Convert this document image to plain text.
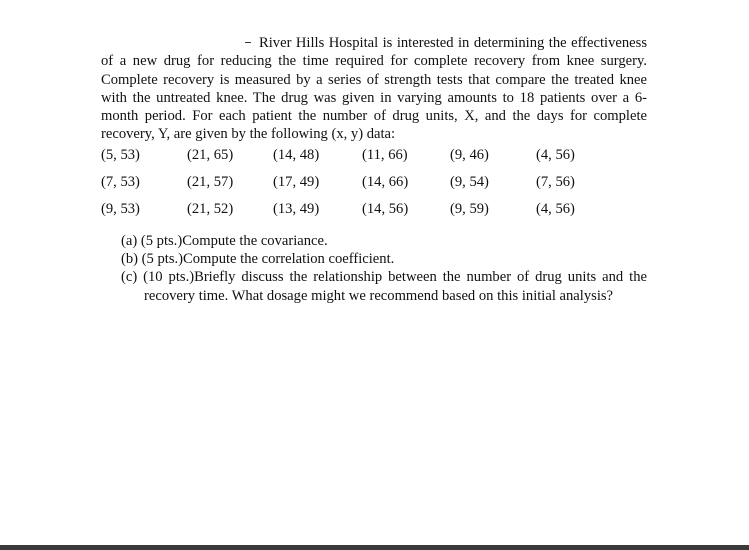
River Hills Hospital is interested in determining the effectiveness of a new drug for reducing the time required for complete recovery from knee surgery. Complete recovery is measured by a series of strength tests that compare the treated knee with the untreated knee. The drug was given in varying amounts to 18 patients over a 6-month period. For each patient the number of drug units, X, and the days for complete recovery, Y, are given by the following (x, y) data:

(5, 53)	(21, 65)	(14, 48)	(11, 66)	(9, 46)	(4, 56)
(7, 53)	(21, 57)	(17, 49)	(14, 66)	(9, 54)	(7, 56)
(9, 53)	(21, 52)	(13, 49)	(14, 56)	(9, 59)	(4, 56)

(a) (5 pts.)Compute the covariance.

(b) (5 pts.)Compute the correlation coefficient.

(c) (10 pts.)Briefly discuss the relationship between the number of drug units and the recovery time. What dosage might we recommend based on this initial analysis?
